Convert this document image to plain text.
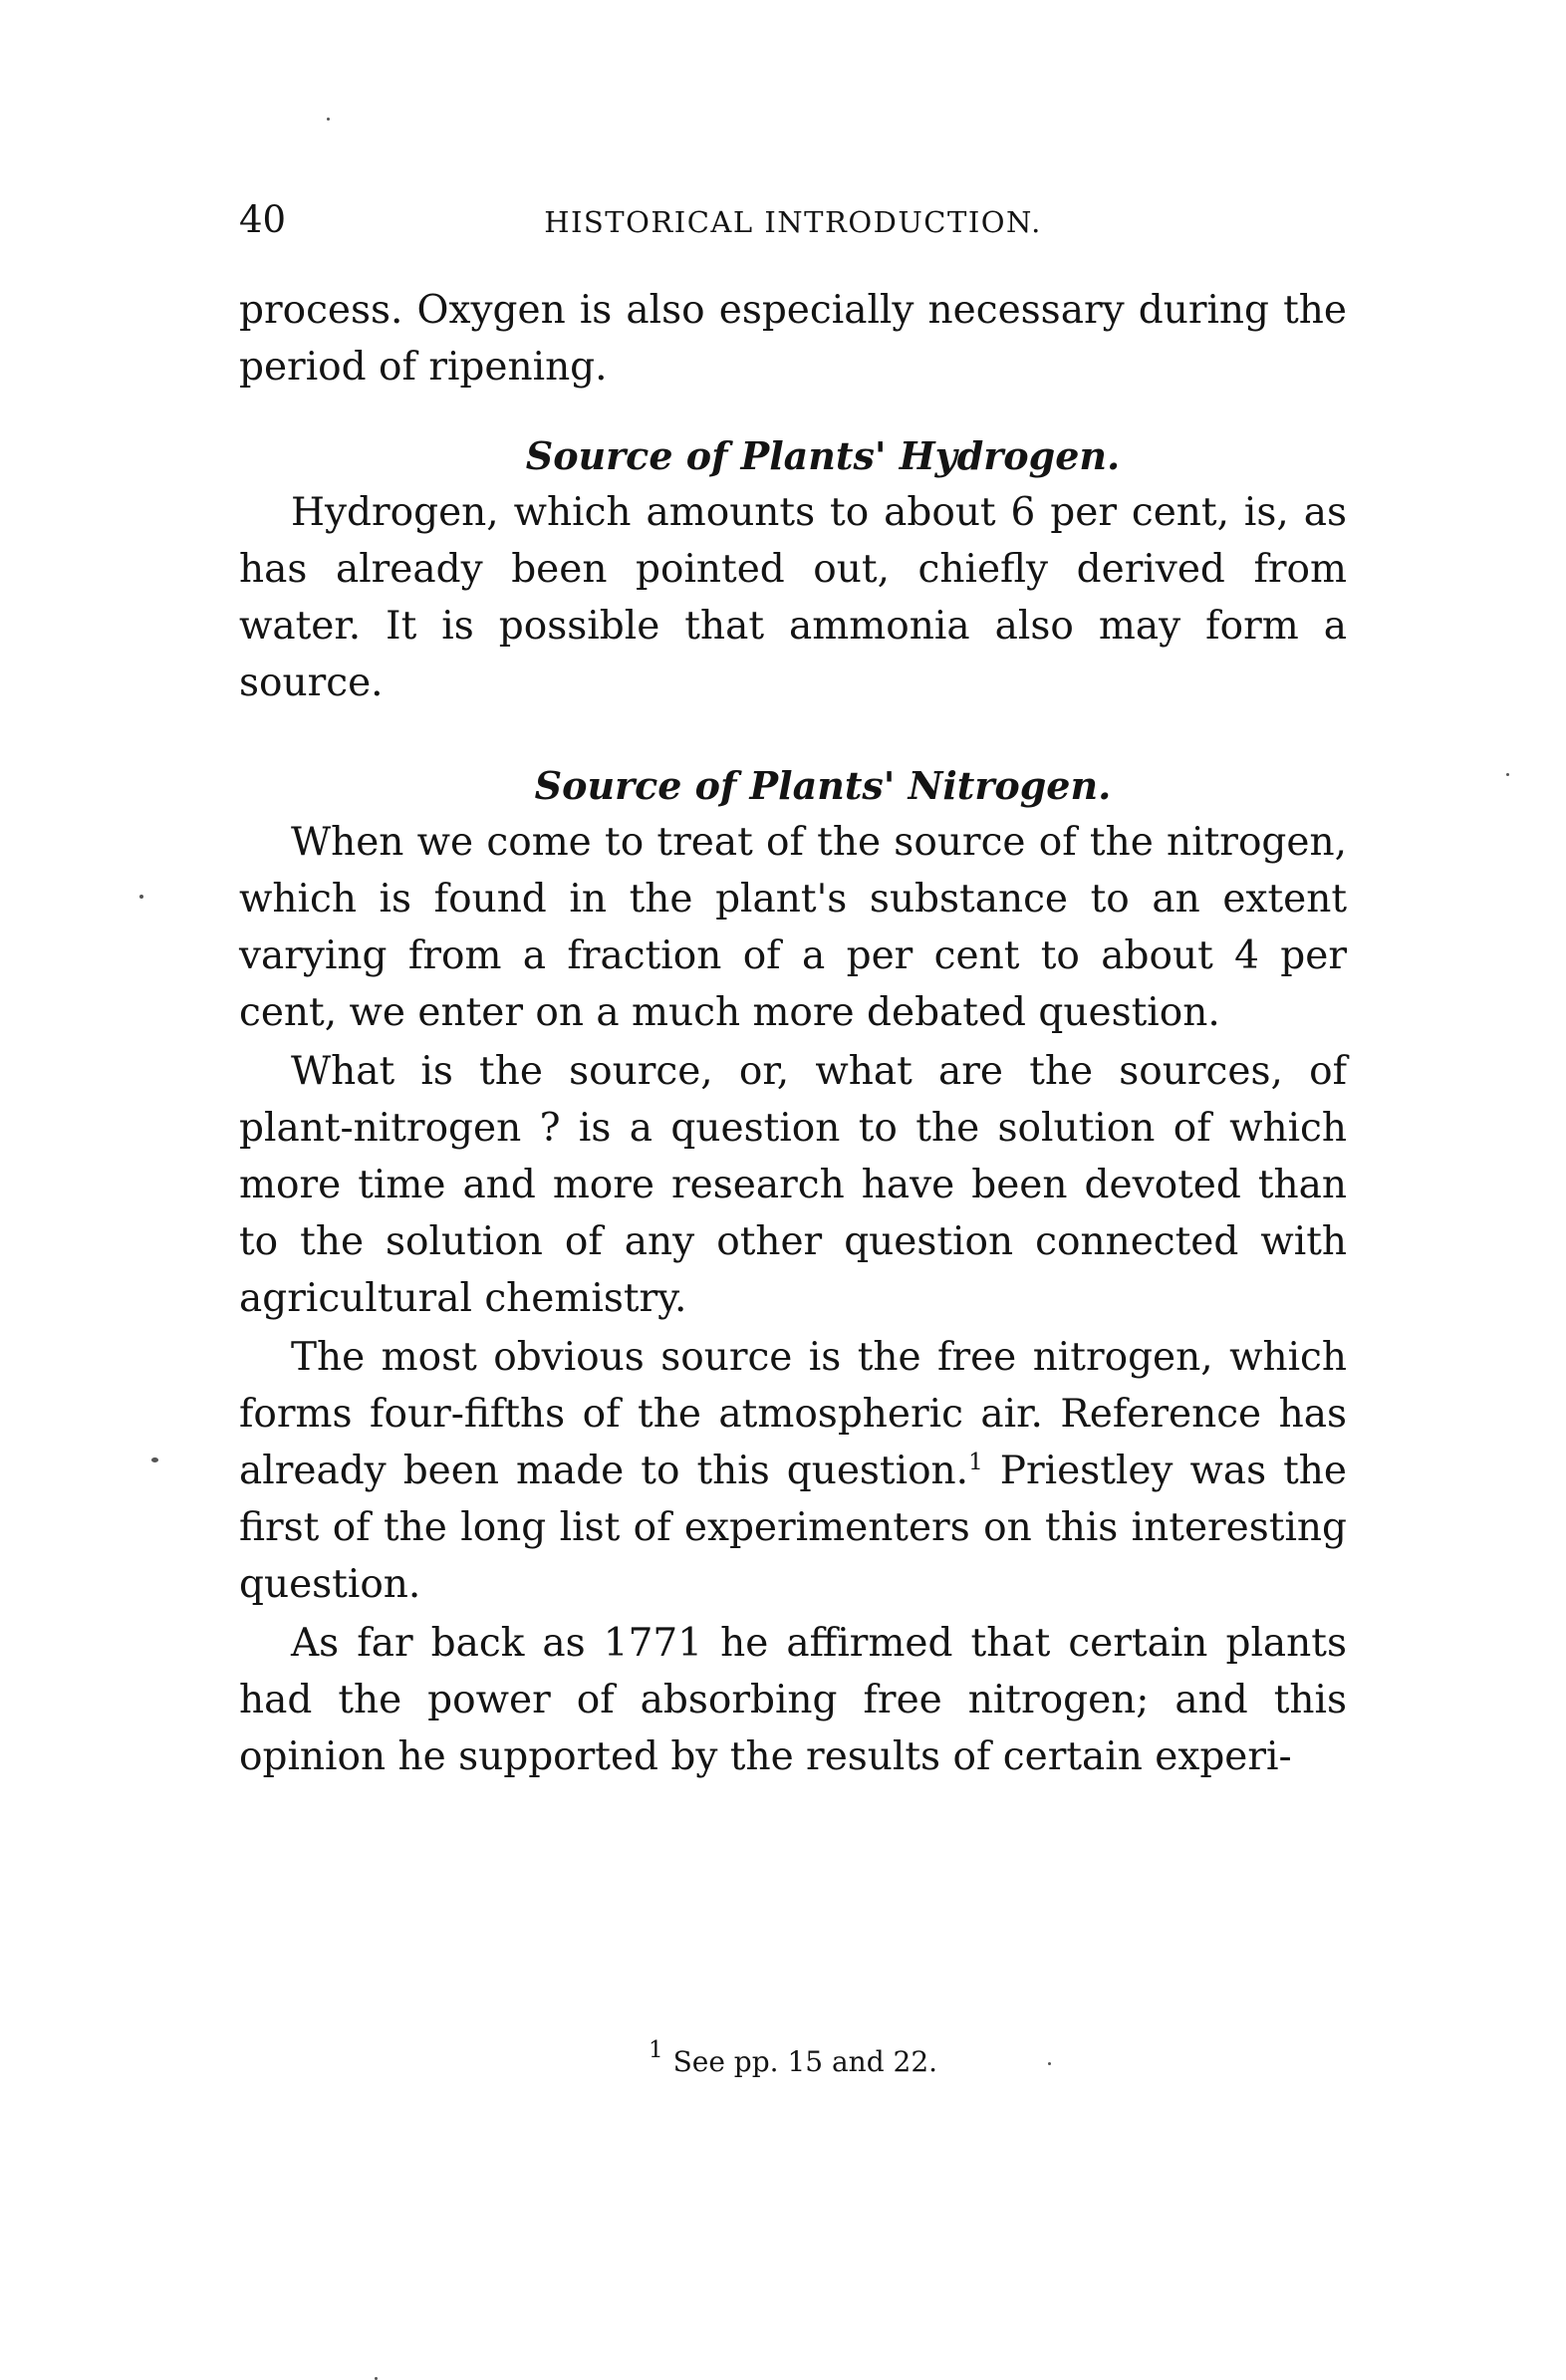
40	HISTORICAL INTRODUCTION.

process. Oxygen is also especially necessary during the period of ripening.

Source of Plants' Hydrogen.

Hydrogen, which amounts to about 6 per cent, is, as has already been pointed out, chiefly derived from water. It is possible that ammonia also may form a source.

Source of Plants' Nitrogen.

When we come to treat of the source of the nitrogen, which is found in the plant's substance to an extent varying from a fraction of a per cent to about 4 per cent, we enter on a much more debated question.

What is the source, or, what are the sources, of plant-nitrogen ? is a question to the solution of which more time and more research have been devoted than to the solution of any other question connected with agricultural chemistry.

The most obvious source is the free nitrogen, which forms four-fifths of the atmospheric air. Reference has already been made to this question.$^1$ Priestley was the first of the long list of experimenters on this interesting question.

As far back as 1771 he affirmed that certain plants had the power of absorbing free nitrogen; and this opinion he supported by the results of certain experi-

$^1$ See pp. 15 and 22.
